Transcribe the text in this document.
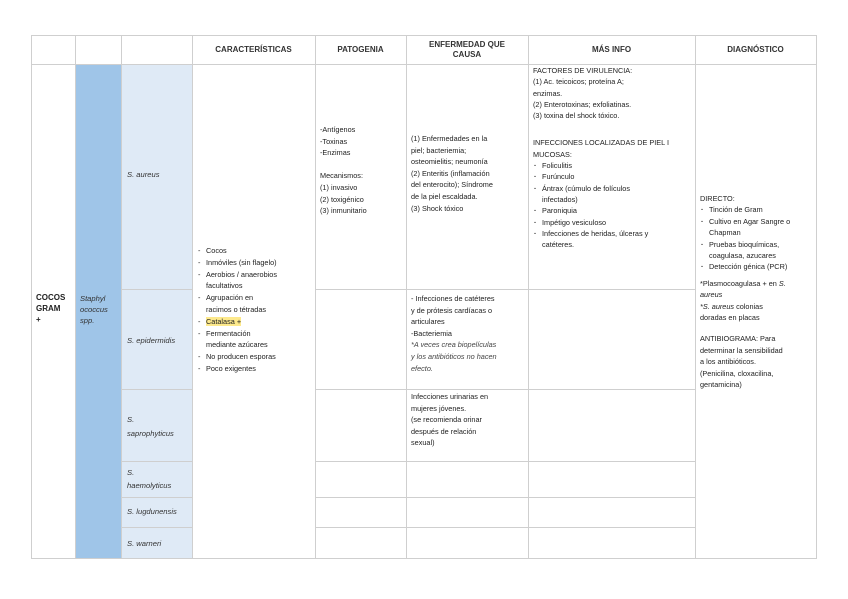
CARACTERÍSTICAS	PATOGENIA
ENFERMEDAD QUE
CAUSA
MÁS INFO	DIAGNÓSTICO
COCOS
GRAM
+
Staphyl
ococcus
spp.
S. aureus
S. epidermidis
S.
saprophyticus
S.
haemolyticus
S. lugdunensis
S. warneri
- Cocos
- Inmóviles (sin flagelo)
- Aerobios / anaerobios
facultativos
- Agrupación en
racimos o tétradas
- Catalasa +
- Fermentación
mediante azúcares
- No producen esporas
- Poco exigentes
-Antígenos
-Toxinas
-Enzimas
Mecanismos:
(1) invasivo
(2) toxigénico
(3) inmunitario
(1) Enfermedades en la
piel; bacteriemia;
osteomielitis; neumonía
(2) Enteritis (inflamación
del enterocito); Síndrome
de la piel escaldada.
(3) Shock tóxico
- Infecciones de catéteres
y de prótesis cardíacas o
articulares
-Bacteriemia
*A veces crea biopelículas
y los antibióticos no hacen
efecto.
Infecciones urinarias en
mujeres jóvenes.
(se recomienda orinar
después de relación
sexual)
FACTORES DE VIRULENCIA:
(1) Ac. teicoicos; proteína A;
enzimas.
(2) Enterotoxinas; exfoliatinas.
(3) toxina del shock tóxico.
INFECCIONES LOCALIZADAS DE PIEL I
MUCOSAS:
· Foliculitis
· Furúnculo
· Ántrax (cúmulo de folículos
infectados)
· Paroniquia
· Impétigo vesiculoso
· Infecciones de heridas, úlceras y
catéteres.
DIRECTO:
· Tinción de Gram
· Cultivo en Agar Sangre o
Chapman
· Pruebas bioquímicas,
coagulasa, azucares
· Detección génica (PCR)
*Plasmocoagulasa + en S.
aureus
*S. aureus colonias
doradas en placas
ANTIBIOGRAMA: Para
determinar la sensibilidad
a los antibióticos.
(Penicilina, cloxacilina,
gentamicina)
